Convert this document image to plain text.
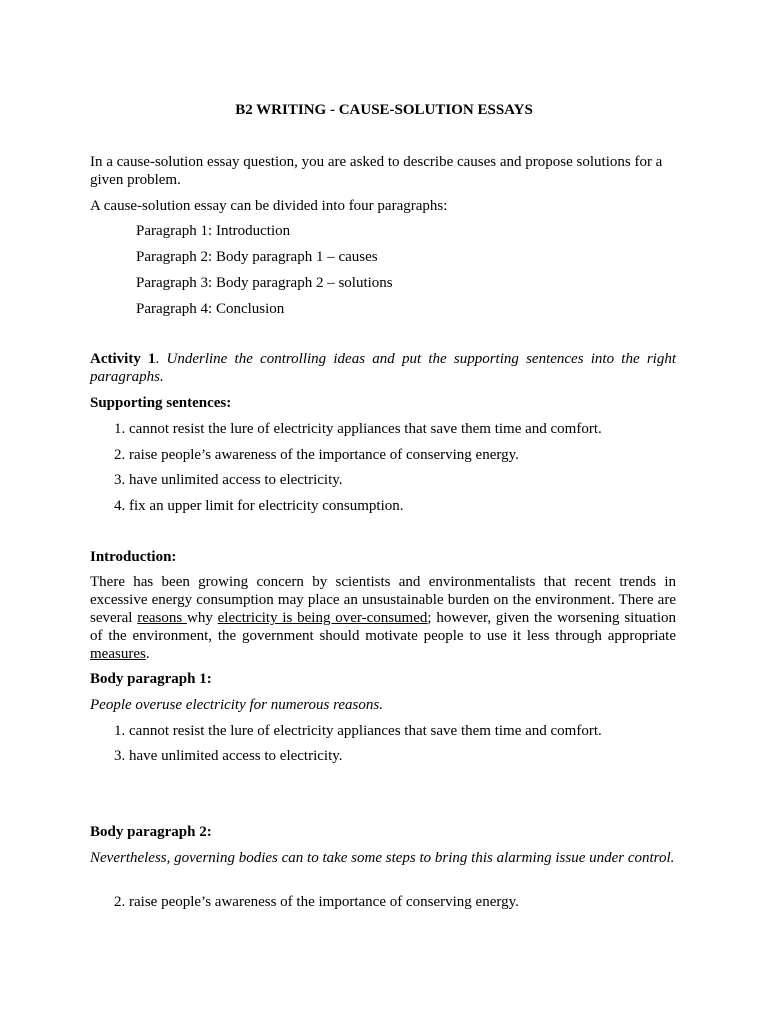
B2 WRITING - CAUSE-SOLUTION ESSAYS

In a cause-solution essay question, you are asked to describe causes and propose solutions for a given problem.

A cause-solution essay can be divided into four paragraphs:

Paragraph 1: Introduction

Paragraph 2: Body paragraph 1 – causes

Paragraph 3: Body paragraph 2 – solutions

Paragraph 4: Conclusion

Activity 1. Underline the controlling ideas and put the supporting sentences into the right paragraphs.

Supporting sentences:

1. cannot resist the lure of electricity appliances that save them time and comfort.

2. raise people’s awareness of the importance of conserving energy.

3. have unlimited access to electricity.

4. fix an upper limit for electricity consumption.

Introduction:

There has been growing concern by scientists and environmentalists that recent trends in excessive energy consumption may place an unsustainable burden on the environment. There are several reasons why electricity is being over-consumed; however, given the worsening situation of the environment, the government should motivate people to use it less through appropriate measures.

Body paragraph 1:

People overuse electricity for numerous reasons.

1. cannot resist the lure of electricity appliances that save them time and comfort.

3. have unlimited access to electricity.

Body paragraph 2:

Nevertheless, governing bodies can to take some steps to bring this alarming issue under control.

2. raise people’s awareness of the importance of conserving energy.
